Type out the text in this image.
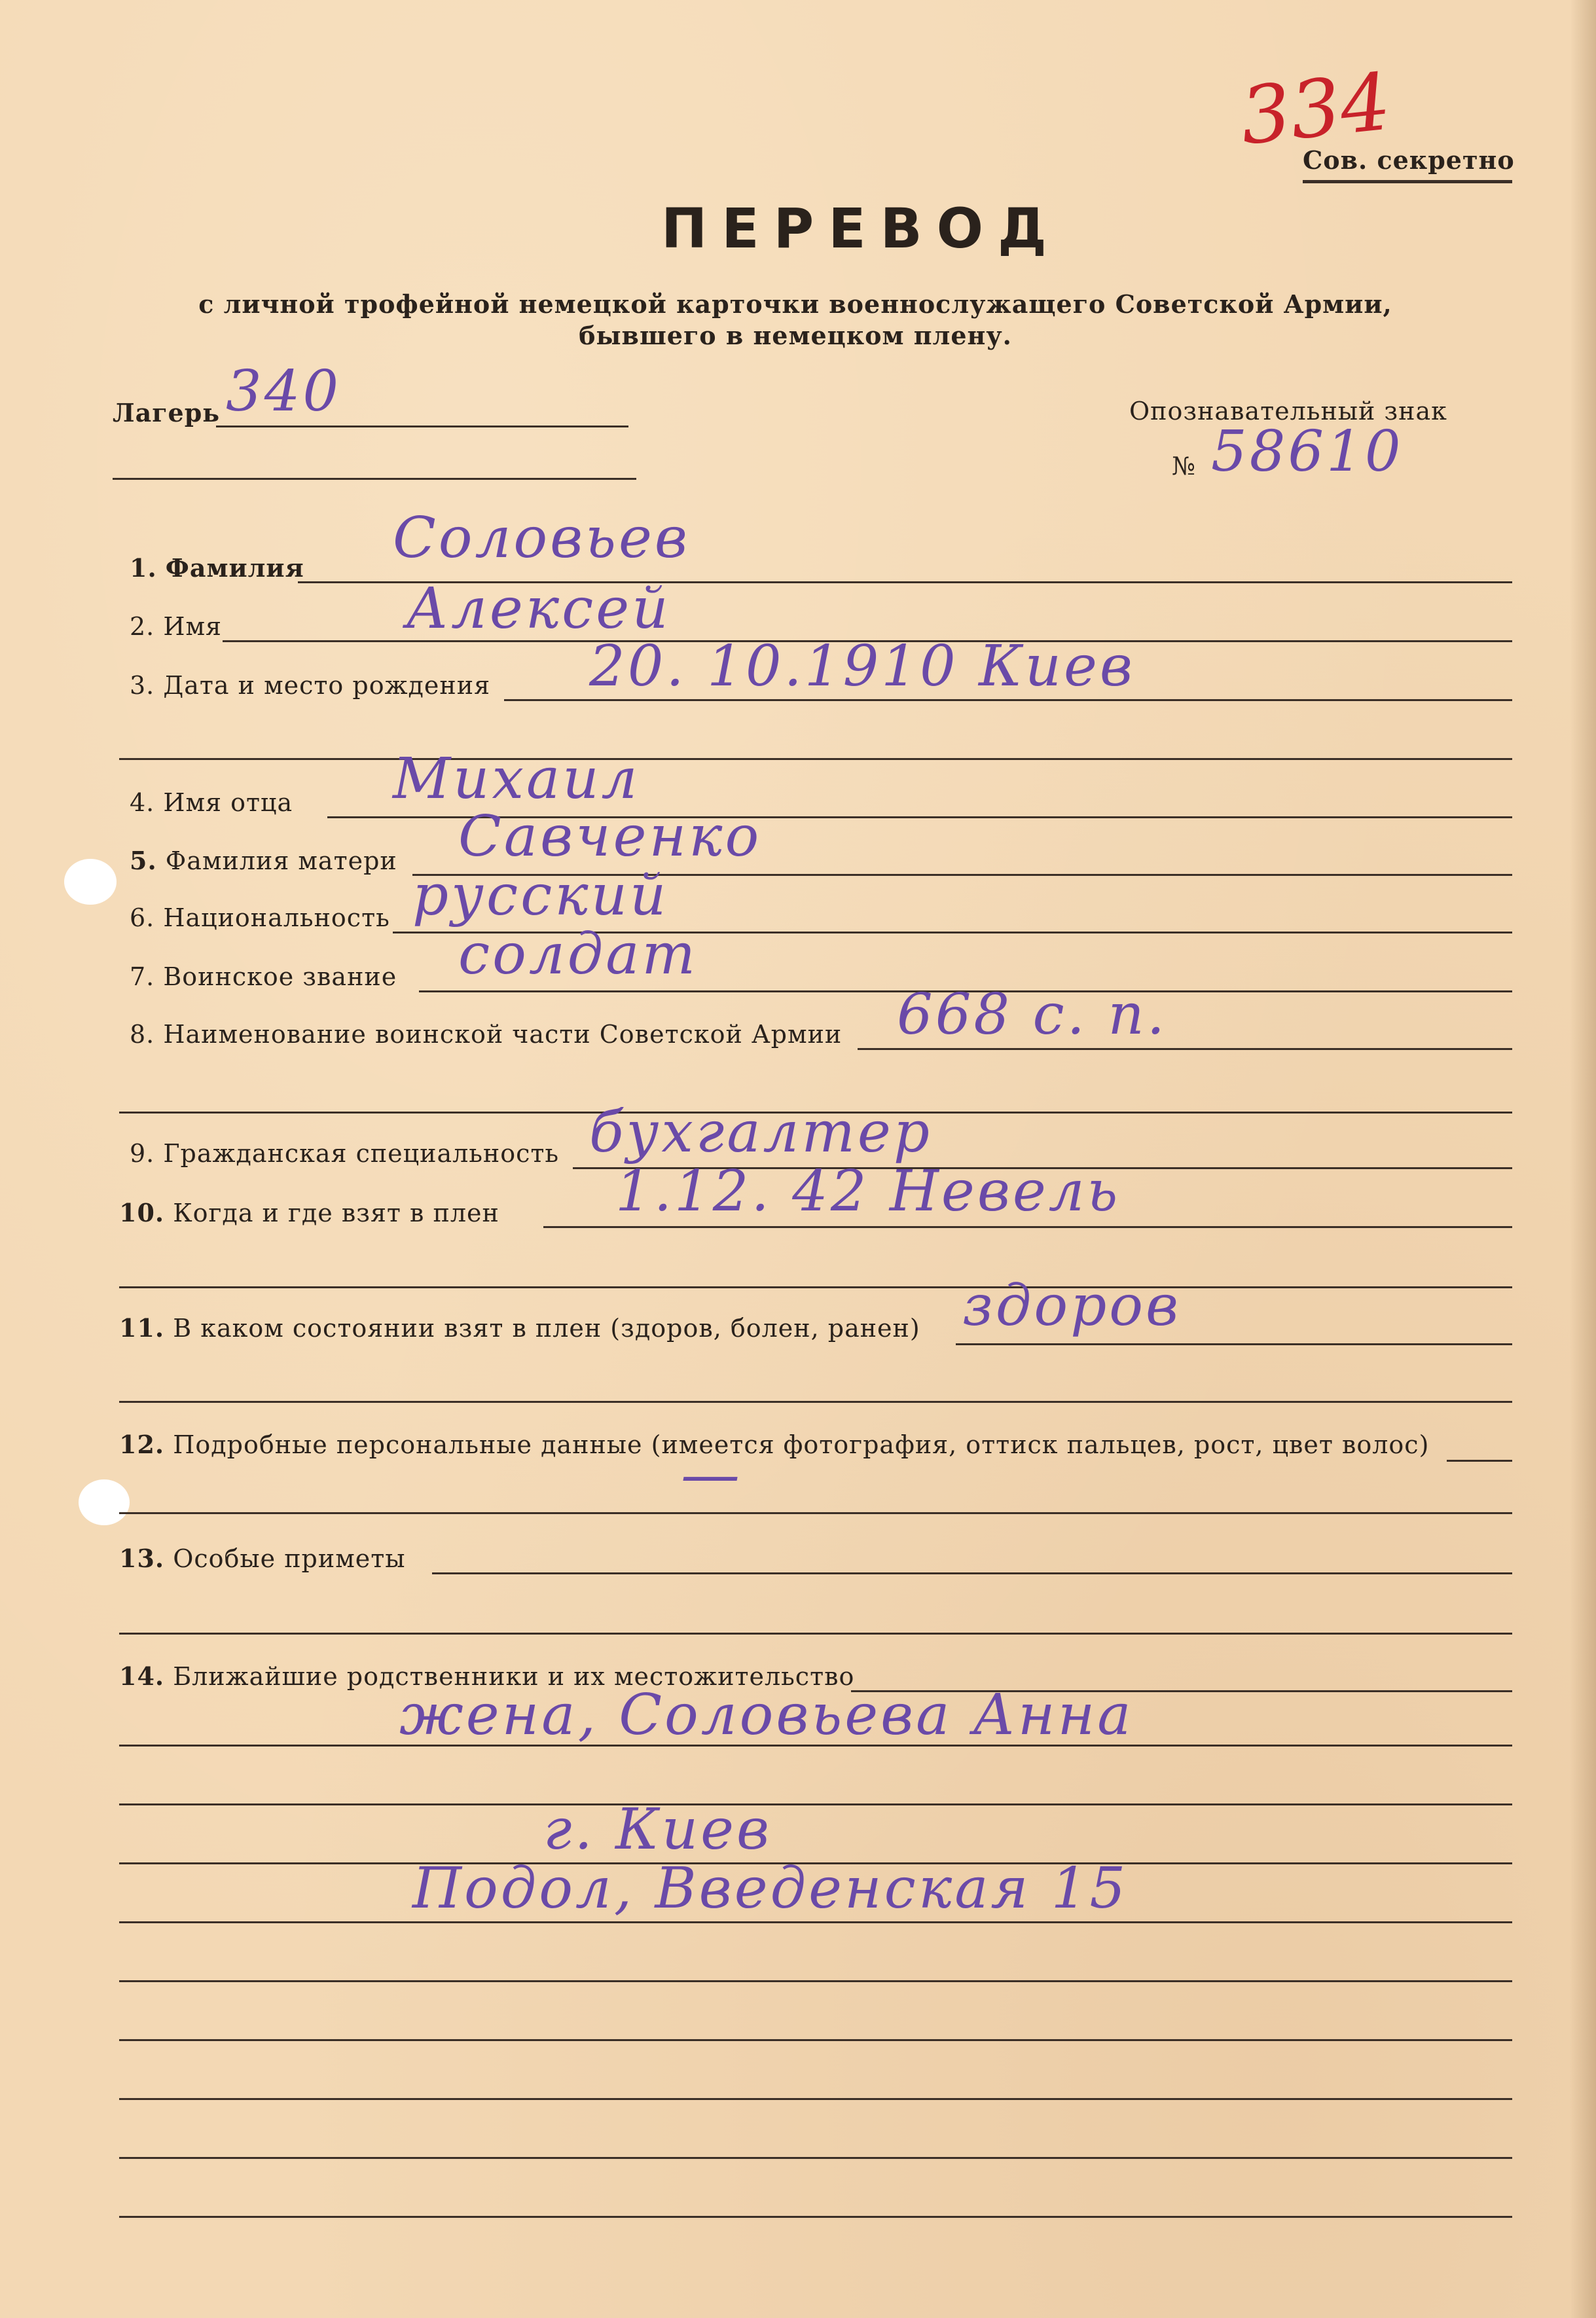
334
Сов. секретно
ПЕРЕВОД
с личной трофейной немецкой карточки военнослужащего Советской Армии,
бывшего в немецком плену.
Лагерь 340	Опознавательный знак
№ 58610
1. Фамилия Соловьев
2. Имя	Алексей
3. Дата и место рождения 20. 10.1910 Киев
4. Имя отца Михаил
5. Фамилия матери Савченко
6. Национальность русский
7. Воинское звание солдат
8. Наименование воинской части Советской Армии 668 с. п.
9. Гражданская специальность бухгалтер
10. Когда и где взят в плен 1.12. 42 Невель
11. В каком состоянии взят в плен (здоров, болен, ранен) здоров
12. Подробные персональные данные (имеется фотография, оттиск пальцев, рост, цвет волос)
—
13. Особые приметы
14. Ближайшие родственники и их местожительство
жена, Соловьева Анна
г. Киев
Подол, Введенская 15
